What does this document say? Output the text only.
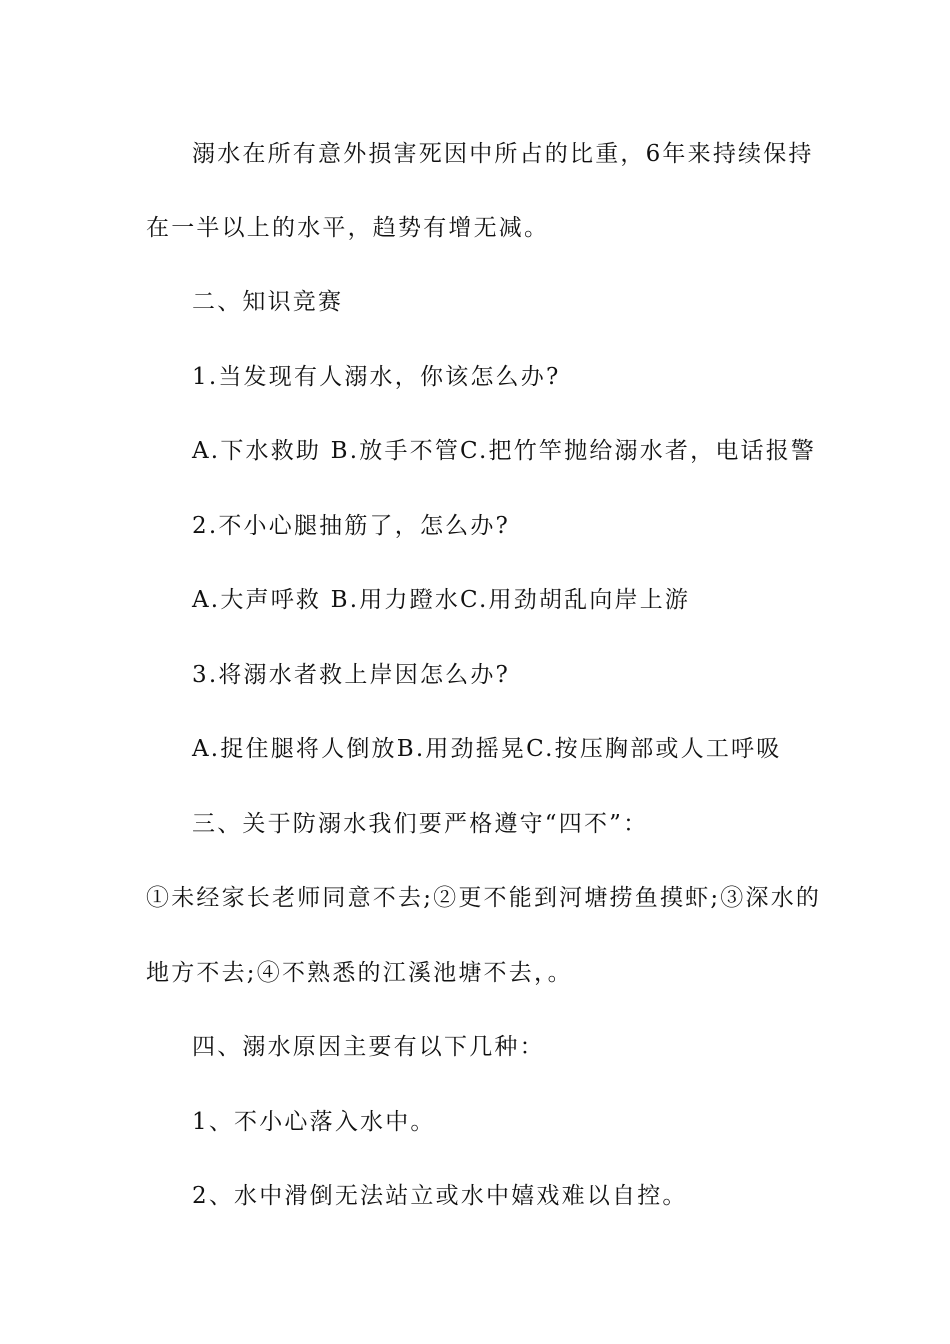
溺水在所有意外损害死因中所占的比重，6年来持续保持
在一半以上的水平，趋势有增无减。
二、知识竞赛
1.当发现有人溺水，你该怎么办?
A.下水救助 B.放手不管C.把竹竿抛给溺水者，电话报警
2.不小心腿抽筋了，怎么办?
A.大声呼救 B.用力蹬水C.用劲胡乱向岸上游
3.将溺水者救上岸因怎么办?
A.捉住腿将人倒放B.用劲摇晃C.按压胸部或人工呼吸
三、关于防溺水我们要严格遵守“四不”：
①未经家长老师同意不去;②更不能到河塘捞鱼摸虾;③深水的
地方不去;④不熟悉的江溪池塘不去，。
四、溺水原因主要有以下几种：
1、不小心落入水中。
2、水中滑倒无法站立或水中嬉戏难以自控。
